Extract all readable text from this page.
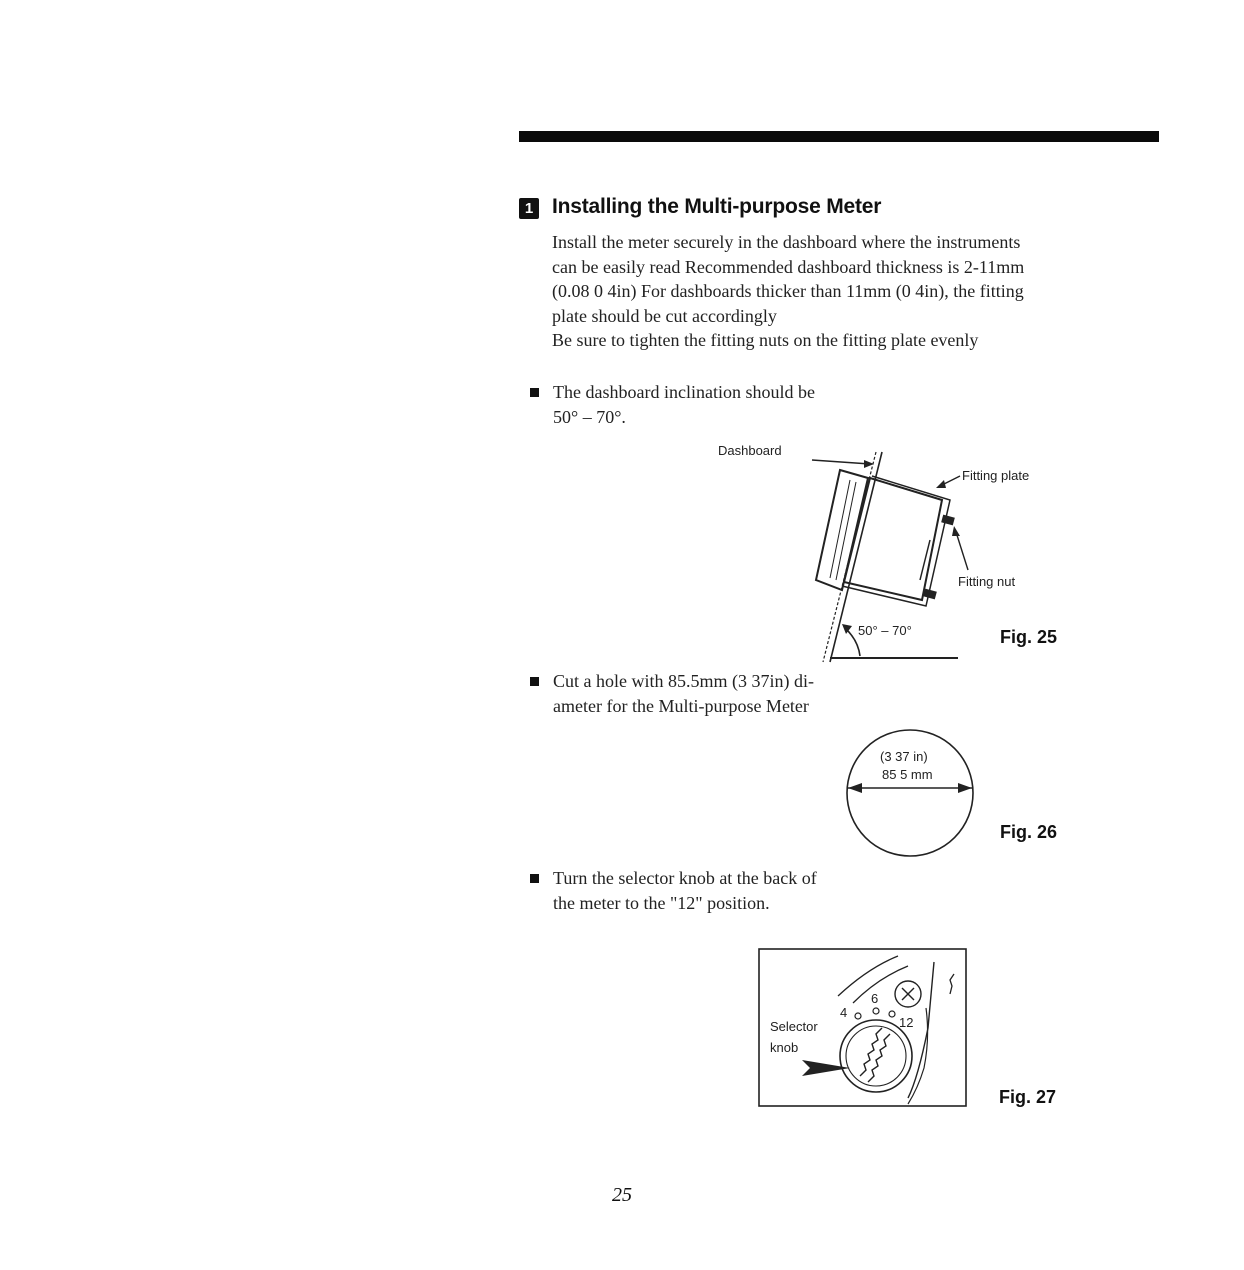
1 Installing the Multi-purpose Meter

Install the meter securely in the dashboard where the instruments

can be easily read Recommended dashboard thickness is 2-11mm

(0.08 0 4in) For dashboards thicker than 11mm (0 4in), the fitting

plate should be cut accordingly

Be sure to tighten the fitting nuts on the fitting plate evenly

The dashboard inclination should be
50° – 70°.
Dashboard
Fitting plate
Fitting nut
50° – 70°	Fig. 25
Cut a hole with 85.5mm (3 37in) di-
ameter for the Multi-purpose Meter
(3 37 in)
85 5 mm
Fig. 26
Turn the selector knob at the back of
the meter to the "12" position.
4
6
12
Selector
knob
Fig. 27
25
